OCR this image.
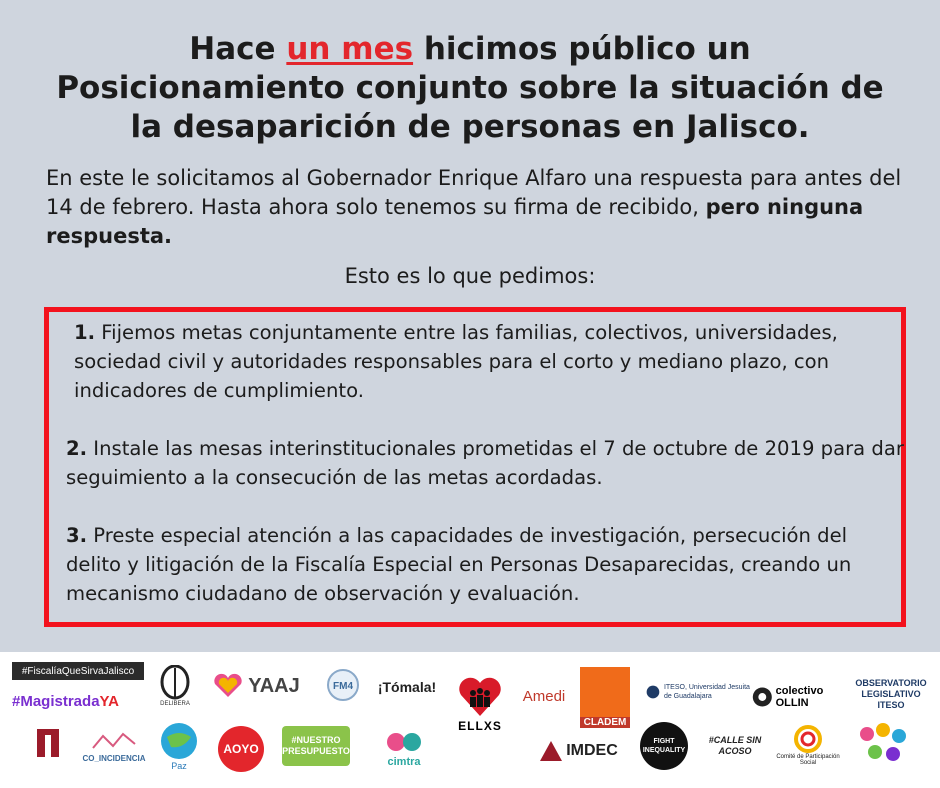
Hace un mes hicimos público un Posicionamiento conjunto sobre la situación de la desaparición de personas en Jalisco.
En este le solicitamos al Gobernador Enrique Alfaro una respuesta para antes del 14 de febrero. Hasta ahora solo tenemos su firma de recibido, pero ninguna respuesta.
Esto es lo que pedimos:
1. Fijemos metas conjuntamente entre las familias, colectivos, universidades, sociedad civil y autoridades responsables para el corto y mediano plazo, con indicadores de cumplimiento.
2. Instale las mesas interinstitucionales prometidas el 7 de octubre de 2019 para dar seguimiento a la consecución de las metas acordadas.
3. Preste especial atención a las capacidades de investigación, persecución del delito y litigación de la Fiscalía Especial en Personas Desaparecidas, creando un mecanismo ciudadano de observación y evaluación.
#FiscalíaQueSirvaJalisco
#Magistrada YA	DELIBERA
YAAJ	FM4	¡Tómala!
ELLXS
Amedi
CLADEM
ITESO, Universidad Jesuita de Guadalajara	colectivo OLLIN
OBSERVATORIO LEGISLATIVO ITESO
CO_INCIDENCIA
Paz
AOYO
#NUESTRO PRESUPUESTO
cimtra
IMDEC
FIGHT INEQUALITY
#CALLE SIN ACOSO
Comité de Participación Social
